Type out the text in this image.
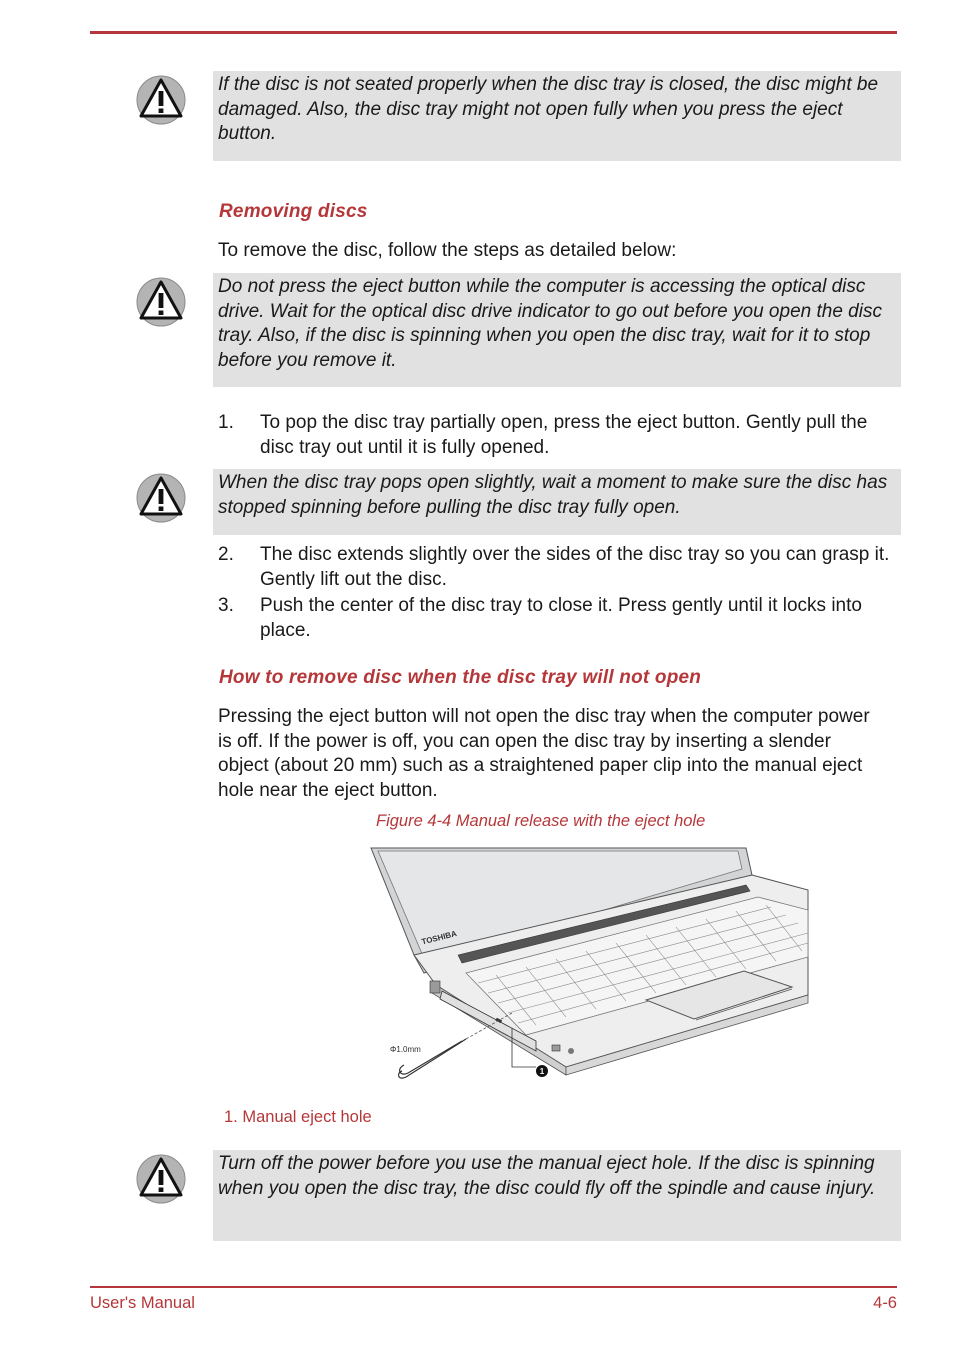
If the disc is not seated properly when the disc tray is closed, the disc might be damaged. Also, the disc tray might not open fully when you press the eject button.
Removing discs
To remove the disc, follow the steps as detailed below:
Do not press the eject button while the computer is accessing the optical disc drive. Wait for the optical disc drive indicator to go out before you open the disc tray. Also, if the disc is spinning when you open the disc tray, wait for it to stop before you remove it.
1. To pop the disc tray partially open, press the eject button. Gently pull the disc tray out until it is fully opened.
When the disc tray pops open slightly, wait a moment to make sure the disc has stopped spinning before pulling the disc tray fully open.
2. The disc extends slightly over the sides of the disc tray so you can grasp it. Gently lift out the disc.
3. Push the center of the disc tray to close it. Press gently until it locks into place.
How to remove disc when the disc tray will not open
Pressing the eject button will not open the disc tray when the computer power is off. If the power is off, you can open the disc tray by inserting a slender object (about 20 mm) such as a straightened paper clip into the manual eject hole near the eject button.
Figure 4-4 Manual release with the eject hole
TOSHIBA
Φ1.0mm
1
1. Manual eject hole
Turn off the power before you use the manual eject hole. If the disc is spinning when you open the disc tray, the disc could fly off the spindle and cause injury.
User's Manual	4-6
